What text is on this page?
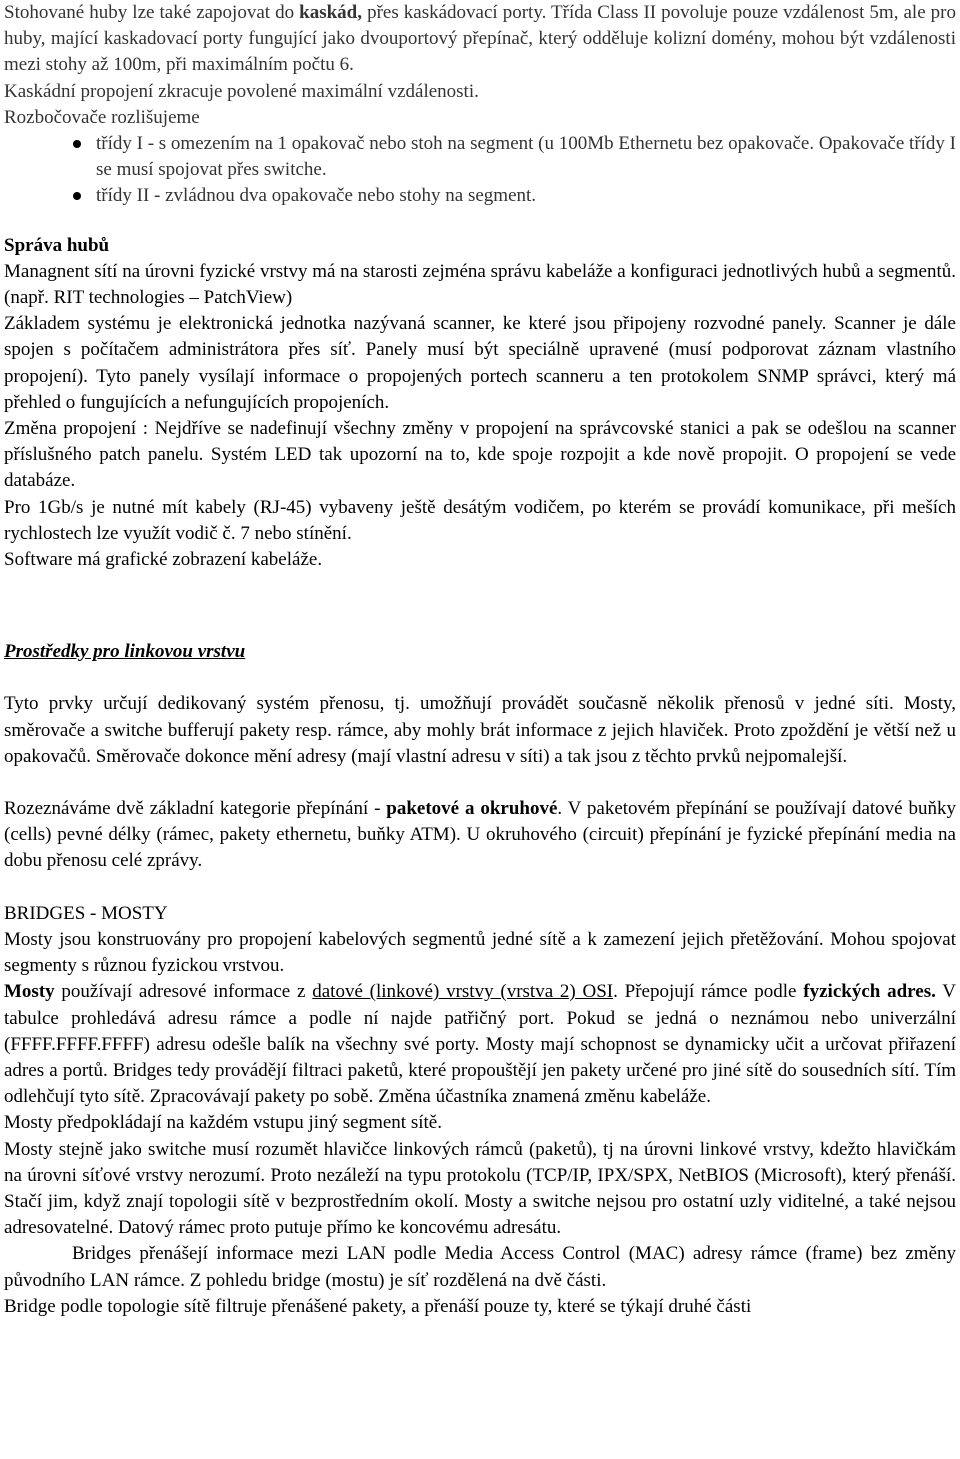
Stohované huby lze také zapojovat do kaskád, přes kaskádovací porty. Třída Class II povoluje pouze vzdálenost 5m, ale pro huby, mající kaskadovací porty fungující jako dvouportový přepínač, který odděluje kolizní domény, mohou být vzdálenosti mezi stohy až 100m, při maximálním počtu 6.

Kaskádní propojení zkracuje povolené maximální vzdálenosti.

Rozbočovače rozlišujeme

třídy I - s omezením na 1 opakovač nebo stoh na segment (u 100Mb Ethernetu bez opakovače. Opakovače třídy I se musí spojovat přes switche.
třídy II - zvládnou dva opakovače nebo stohy na segment.

Správa hubů

Managnent sítí na úrovni fyzické vrstvy má na starosti zejména správu kabeláže a konfiguraci jednotlivých hubů a segmentů. (např. RIT technologies – PatchView)

Základem systému je elektronická jednotka nazývaná scanner, ke které jsou připojeny rozvodné panely. Scanner je dále spojen s počítačem administrátora přes síť. Panely musí být speciálně upravené (musí podporovat záznam vlastního propojení). Tyto panely vysílají informace o propojených portech scanneru a ten protokolem SNMP správci, který má přehled o fungujících a nefungujících propojeních.

Změna propojení : Nejdříve se nadefinují všechny změny v propojení na správcovské stanici a pak se odešlou na scanner příslušného patch panelu. Systém LED tak upozorní na to, kde spoje rozpojit a kde nově propojit. O propojení se vede databáze.

Pro 1Gb/s je nutné mít kabely (RJ-45) vybaveny ještě desátým vodičem, po kterém se provádí komunikace, při meších rychlostech lze využít vodič č. 7 nebo stínění.

Software má grafické zobrazení kabeláže.

Prostředky pro linkovou vrstvu

Tyto prvky určují dedikovaný systém přenosu, tj. umožňují provádět současně několik přenosů v jedné síti. Mosty, směrovače a switche bufferují pakety resp. rámce, aby mohly brát informace z jejich hlaviček. Proto zpoždění je větší než u opakovačů. Směrovače dokonce mění adresy (mají vlastní adresu v síti) a tak jsou z těchto prvků nejpomalejší.

Rozeznáváme dvě základní kategorie přepínání - paketové a okruhové. V paketovém přepínání se používají datové buňky (cells) pevné délky (rámec, pakety ethernetu, buňky ATM). U okruhového (circuit) přepínání je fyzické přepínání media na dobu přenosu celé zprávy.

BRIDGES - MOSTY

Mosty jsou konstruovány pro propojení kabelových segmentů jedné sítě a k zamezení jejich přetěžování. Mohou spojovat segmenty s různou fyzickou vrstvou.

Mosty používají adresové informace z datové (linkové) vrstvy (vrstva 2) OSI. Přepojují rámce podle fyzických adres. V tabulce prohledává adresu rámce a podle ní najde patřičný port. Pokud se jedná o neznámou nebo univerzální (FFFF.FFFF.FFFF) adresu odešle balík na všechny své porty. Mosty mají schopnost se dynamicky učit a určovat přiřazení adres a portů. Bridges tedy provádějí filtraci paketů, které propouštějí jen pakety určené pro jiné sítě do sousedních sítí. Tím odlehčují tyto sítě. Zpracovávají pakety po sobě. Změna účastníka znamená změnu kabeláže.

Mosty předpokládají na každém vstupu jiný segment sítě.

Mosty stejně jako switche musí rozumět hlavičce linkových rámců (paketů), tj na úrovni linkové vrstvy, kdežto hlavičkám na úrovni síťové vrstvy nerozumí. Proto nezáleží na typu protokolu (TCP/IP, IPX/SPX, NetBIOS (Microsoft), který přenáší. Stačí jim, když znají topologii sítě v bezprostředním okolí. Mosty a switche nejsou pro ostatní uzly viditelné, a také nejsou adresovatelné. Datový rámec proto putuje přímo ke koncovému adresátu.

Bridges přenášejí informace mezi LAN podle Media Access Control (MAC) adresy rámce (frame) bez změny původního LAN rámce. Z pohledu bridge (mostu) je síť rozdělená na dvě části.

Bridge podle topologie sítě filtruje přenášené pakety, a přenáší pouze ty, které se týkají druhé části
